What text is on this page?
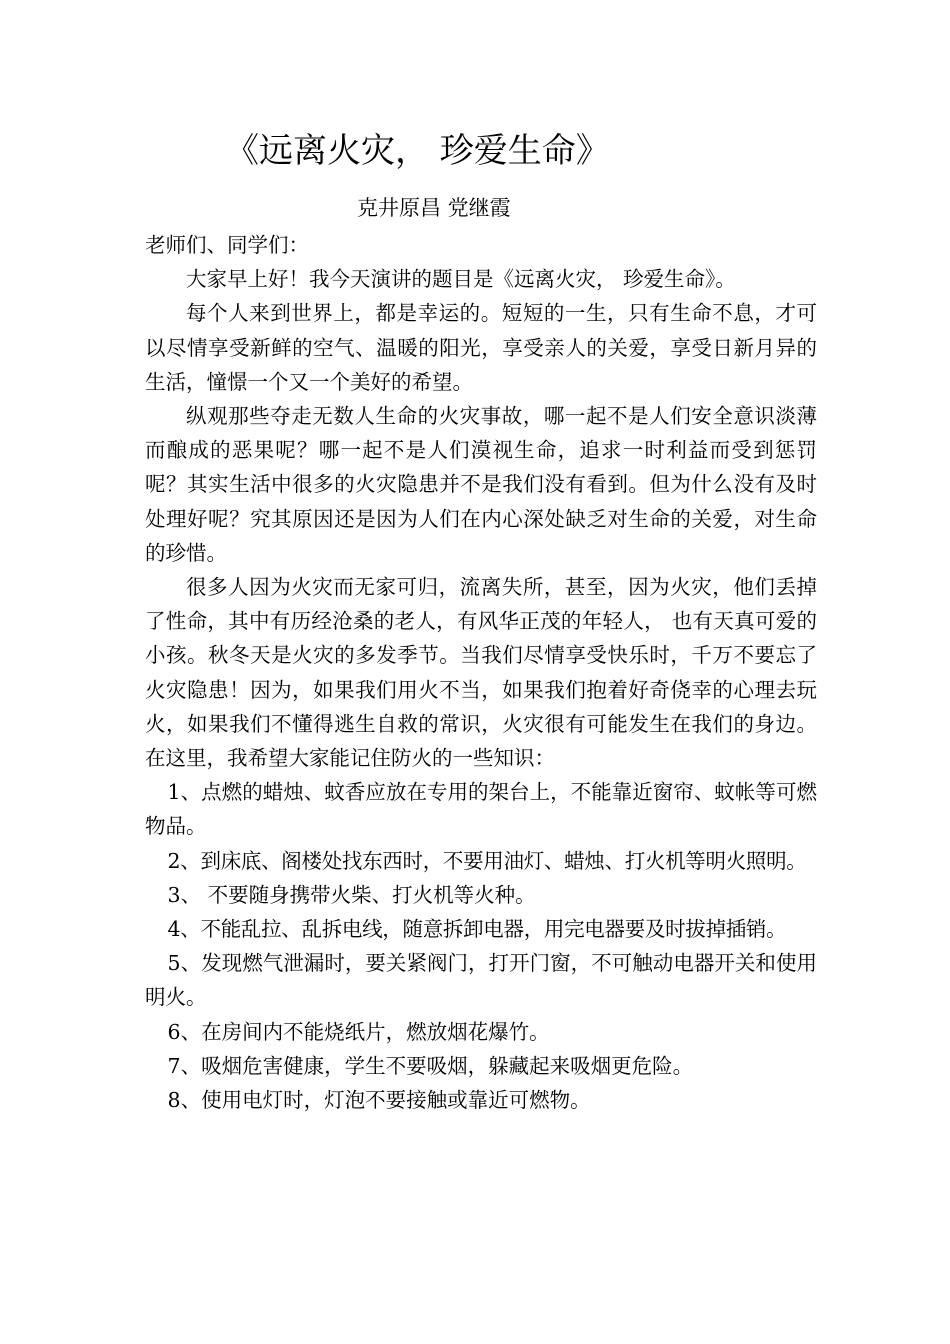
《远离火灾， 珍爱生命》
克井原昌 党继霞

老师们、同学们：

大家早上好！我今天演讲的题目是《远离火灾， 珍爱生命》。

每个人来到世界上，都是幸运的。短短的一生，只有生命不息，才可以尽情享受新鲜的空气、温暖的阳光，享受亲人的关爱，享受日新月异的生活，憧憬一个又一个美好的希望。

纵观那些夺走无数人生命的火灾事故，哪一起不是人们安全意识淡薄而酿成的恶果呢？哪一起不是人们漠视生命，追求一时利益而受到惩罚呢？其实生活中很多的火灾隐患并不是我们没有看到。但为什么没有及时处理好呢？究其原因还是因为人们在内心深处缺乏对生命的关爱，对生命的珍惜。

很多人因为火灾而无家可归，流离失所，甚至，因为火灾，他们丢掉了性命，其中有历经沧桑的老人，有风华正茂的年轻人， 也有天真可爱的小孩。秋冬天是火灾的多发季节。当我们尽情享受快乐时，千万不要忘了火灾隐患！因为，如果我们用火不当，如果我们抱着好奇侥幸的心理去玩火，如果我们不懂得逃生自救的常识，火灾很有可能发生在我们的身边。在这里，我希望大家能记住防火的一些知识：

1、点燃的蜡烛、蚊香应放在专用的架台上，不能靠近窗帘、蚊帐等可燃物品。

2、到床底、阁楼处找东西时，不要用油灯、蜡烛、打火机等明火照明。

3、 不要随身携带火柴、打火机等火种。

4、不能乱拉、乱拆电线，随意拆卸电器，用完电器要及时拔掉插销。

5、发现燃气泄漏时，要关紧阀门，打开门窗，不可触动电器开关和使用明火。

6、在房间内不能烧纸片，燃放烟花爆竹。

7、吸烟危害健康，学生不要吸烟，躲藏起来吸烟更危险。

8、使用电灯时，灯泡不要接触或靠近可燃物。
